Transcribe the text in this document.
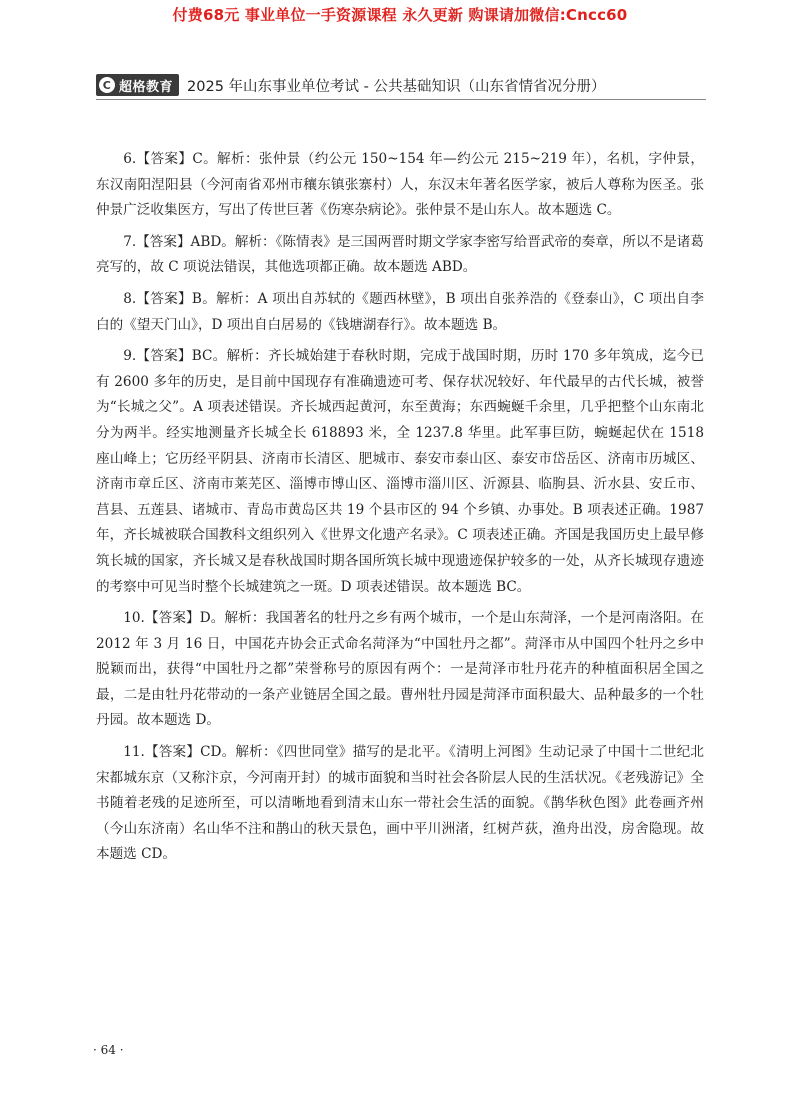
付费68元 事业单位一手资源课程 永久更新 购课请加微信:Cncc60
C 超格教育 2025 年山东事业单位考试 - 公共基础知识（山东省情省况分册）

6.【答案】C。解析：张仲景（约公元 150~154 年—约公元 215~219 年），名机，字仲景，东汉南阳涅阳县（今河南省邓州市穰东镇张寨村）人，东汉末年著名医学家，被后人尊称为医圣。张仲景广泛收集医方，写出了传世巨著《伤寒杂病论》。张仲景不是山东人。故本题选 C。

7.【答案】ABD。解析：《陈情表》是三国两晋时期文学家李密写给晋武帝的奏章，所以不是诸葛亮写的，故 C 项说法错误，其他选项都正确。故本题选 ABD。

8.【答案】B。解析：A 项出自苏轼的《题西林壁》，B 项出自张养浩的《登泰山》，C 项出自李白的《望天门山》，D 项出自白居易的《钱塘湖春行》。故本题选 B。

9.【答案】BC。解析：齐长城始建于春秋时期，完成于战国时期，历时 170 多年筑成，迄今已有 2600 多年的历史，是目前中国现存有准确遗迹可考、保存状况较好、年代最早的古代长城，被誉为“长城之父”。A 项表述错误。齐长城西起黄河，东至黄海；东西蜿蜒千余里，几乎把整个山东南北分为两半。经实地测量齐长城全长 618893 米，全 1237.8 华里。此军事巨防，蜿蜒起伏在 1518 座山峰上；它历经平阴县、济南市长清区、肥城市、泰安市泰山区、泰安市岱岳区、济南市历城区、济南市章丘区、济南市莱芜区、淄博市博山区、淄博市淄川区、沂源县、临朐县、沂水县、安丘市、莒县、五莲县、诸城市、青岛市黄岛区共 19 个县市区的 94 个乡镇、办事处。B 项表述正确。1987 年，齐长城被联合国教科文组织列入《世界文化遗产名录》。C 项表述正确。齐国是我国历史上最早修筑长城的国家，齐长城又是春秋战国时期各国所筑长城中现遗迹保护较多的一处，从齐长城现存遗迹的考察中可见当时整个长城建筑之一斑。D 项表述错误。故本题选 BC。

10.【答案】D。解析：我国著名的牡丹之乡有两个城市，一个是山东菏泽，一个是河南洛阳。在 2012 年 3 月 16 日，中国花卉协会正式命名菏泽为“中国牡丹之都”。菏泽市从中国四个牡丹之乡中脱颖而出，获得“中国牡丹之都”荣誉称号的原因有两个：一是菏泽市牡丹花卉的种植面积居全国之最，二是由牡丹花带动的一条产业链居全国之最。曹州牡丹园是菏泽市面积最大、品种最多的一个牡丹园。故本题选 D。

11.【答案】CD。解析：《四世同堂》描写的是北平。《清明上河图》生动记录了中国十二世纪北宋都城东京（又称汴京，今河南开封）的城市面貌和当时社会各阶层人民的生活状况。《老残游记》全书随着老残的足迹所至，可以清晰地看到清末山东一带社会生活的面貌。《鹊华秋色图》此卷画齐州（今山东济南）名山华不注和鹊山的秋天景色，画中平川洲渚，红树芦荻，渔舟出没，房舍隐现。故本题选 CD。

· 64 ·
